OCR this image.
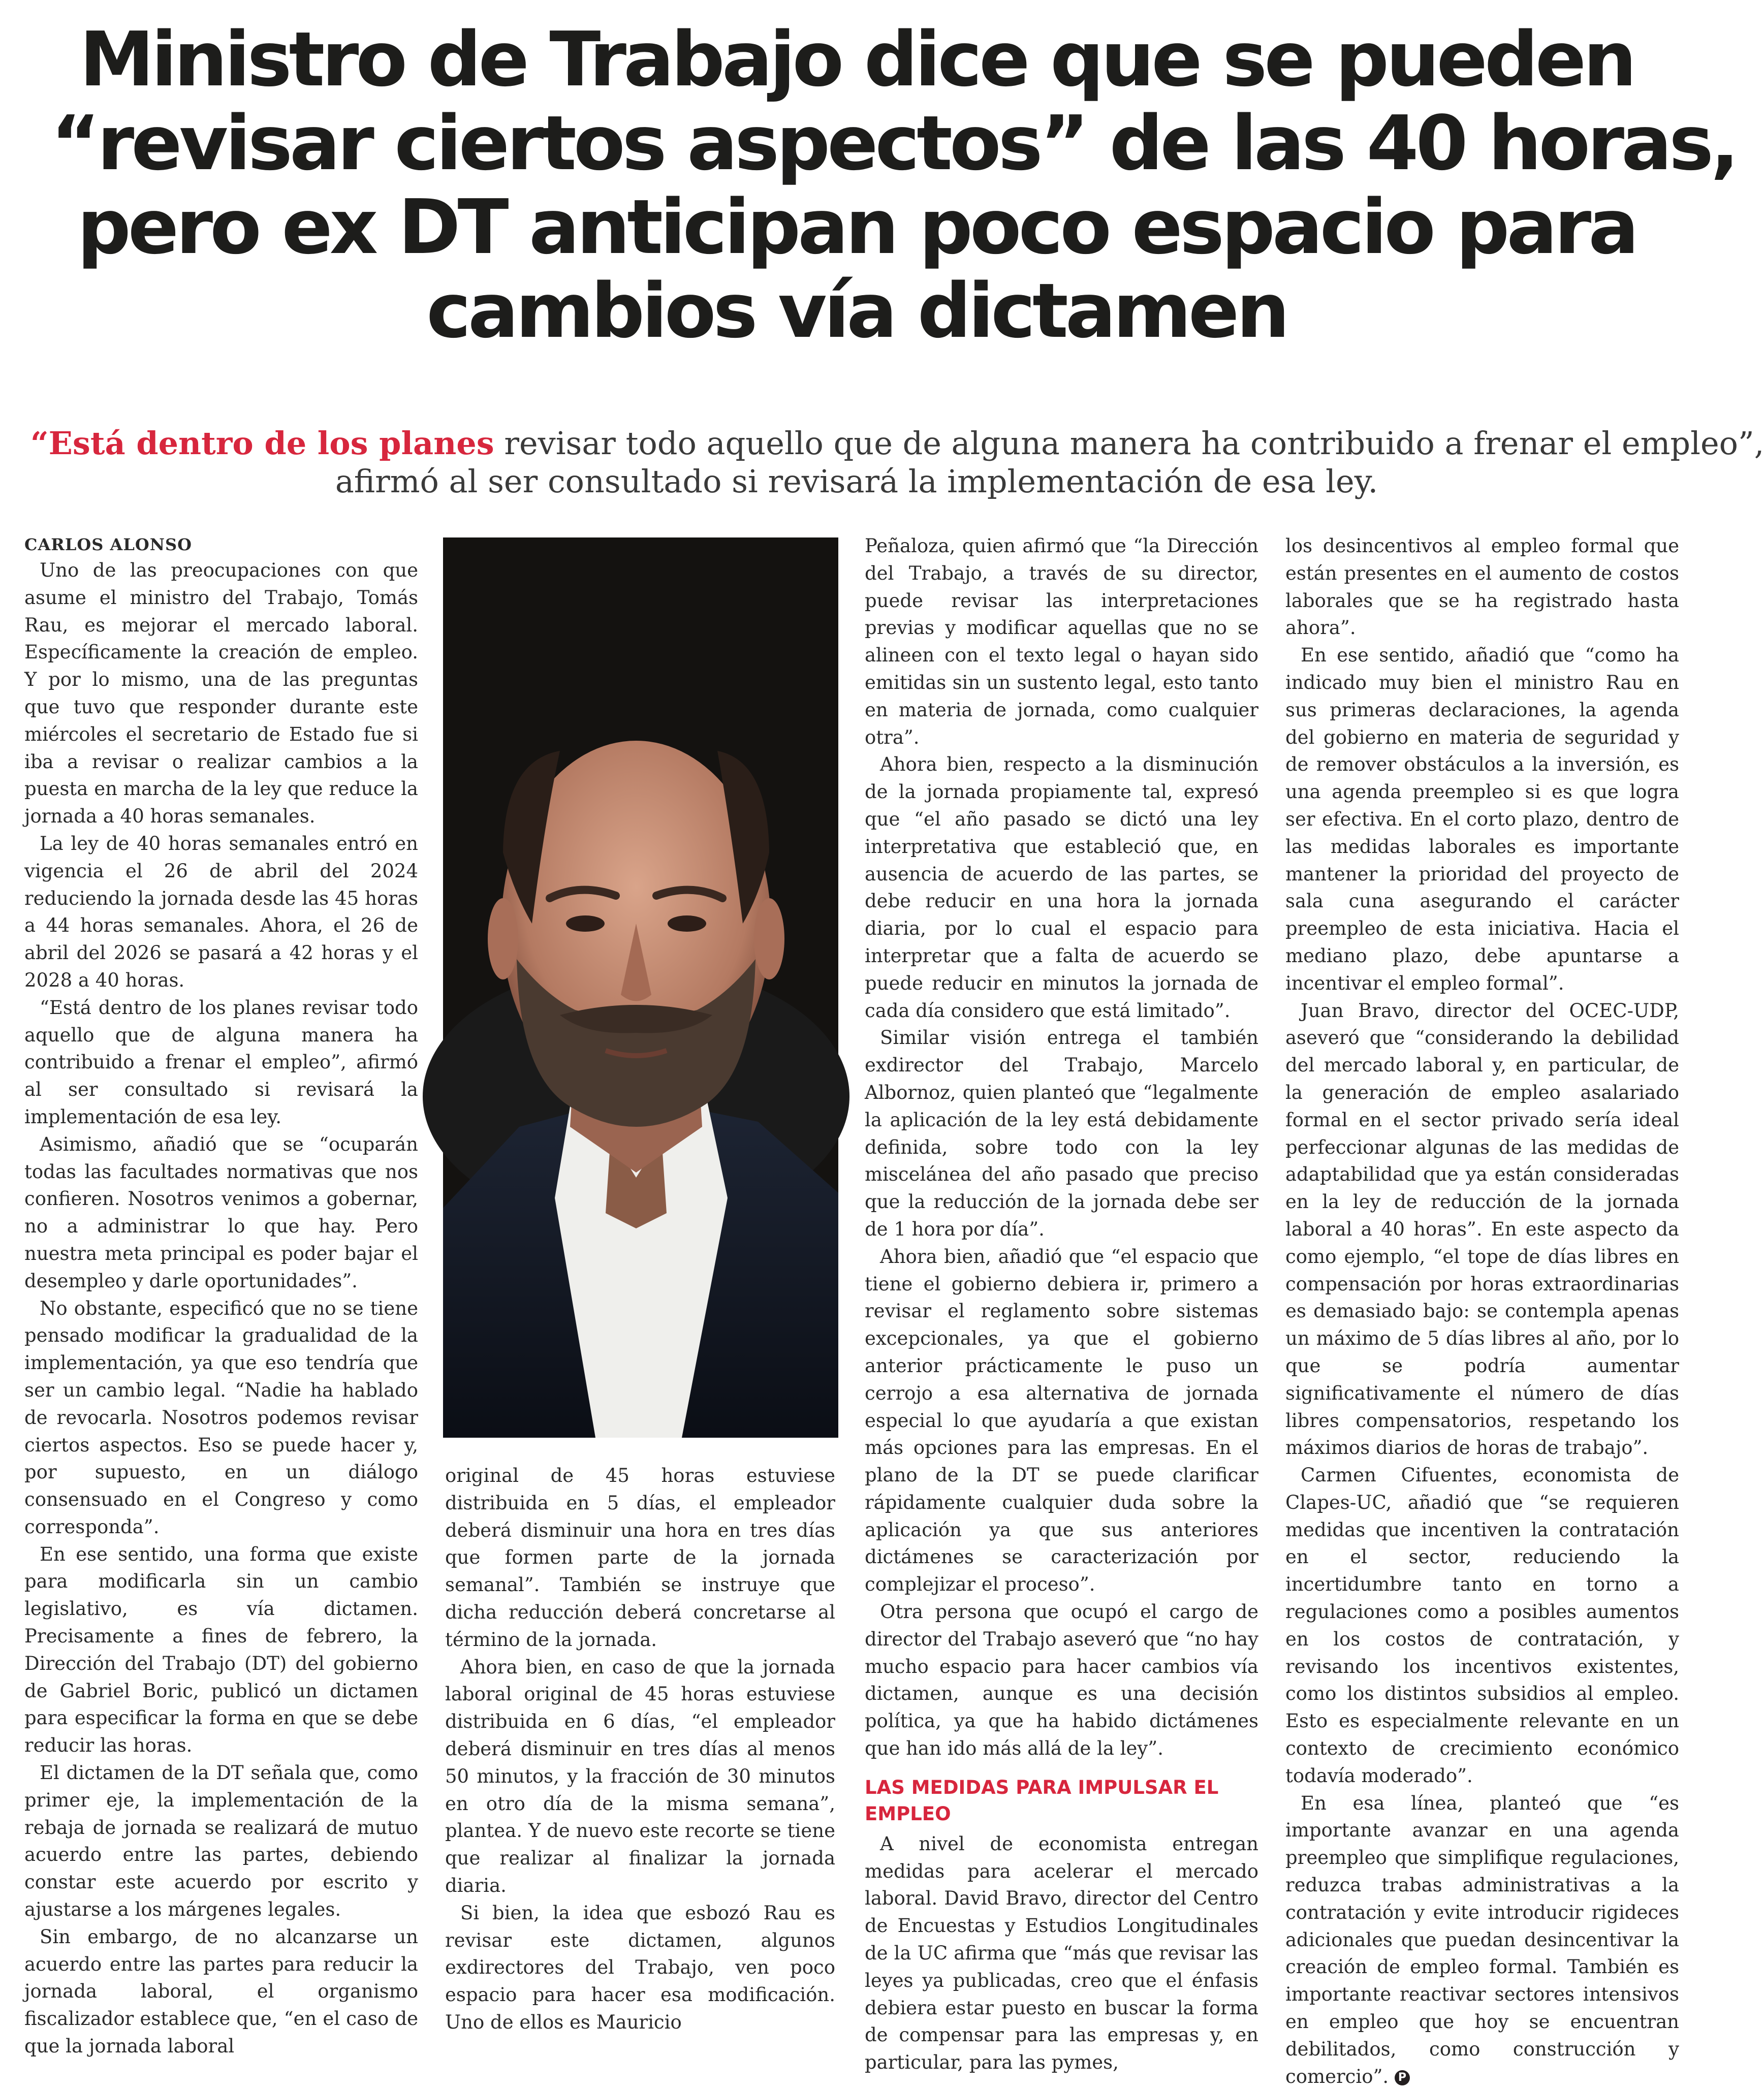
Ministro de Trabajo dice que se pueden
“revisar ciertos aspectos” de las 40 horas,
pero ex DT anticipan poco espacio para
cambios vía dictamen
“Está dentro de los planes revisar todo aquello que de alguna manera ha contribuido a frenar el empleo”,
afirmó al ser consultado si revisará la implementación de esa ley.

CARLOS ALONSO

Uno de las preocupaciones con que asume el ministro del Trabajo, Tomás Rau, es mejorar el mercado laboral. Específicamente la creación de empleo. Y por lo mismo, una de las preguntas que tuvo que responder durante este miércoles el secretario de Estado fue si iba a revisar o realizar cambios a la puesta en marcha de la ley que reduce la jornada a 40 horas semanales.

La ley de 40 horas semanales entró en vigencia el 26 de abril del 2024 reduciendo la jornada desde las 45 horas a 44 horas semanales. Ahora, el 26 de abril del 2026 se pasará a 42 horas y el 2028 a 40 horas.

“Está dentro de los planes revisar todo aquello que de alguna manera ha contribuido a frenar el empleo”, afirmó al ser consultado si revisará la implementación de esa ley.

Asimismo, añadió que se “ocuparán todas las facultades normativas que nos confieren. Nosotros venimos a gobernar, no a administrar lo que hay. Pero nuestra meta principal es poder bajar el desempleo y darle oportunidades”.

No obstante, especificó que no se tiene pensado modificar la gradualidad de la implementación, ya que eso tendría que ser un cambio legal. “Nadie ha hablado de revocarla. Nosotros podemos revisar ciertos aspectos. Eso se puede hacer y, por supuesto, en un diálogo consensuado en el Congreso y como corresponda”.

En ese sentido, una forma que existe para modificarla sin un cambio legislativo, es vía dictamen. Precisamente a fines de febrero, la Dirección del Trabajo (DT) del gobierno de Gabriel Boric, publicó un dictamen para especificar la forma en que se debe reducir las horas.

El dictamen de la DT señala que, como primer eje, la implementación de la rebaja de jornada se realizará de mutuo acuerdo entre las partes, debiendo constar este acuerdo por escrito y ajustarse a los márgenes legales.

Sin embargo, de no alcanzarse un acuerdo entre las partes para reducir la jornada laboral, el organismo fiscalizador establece que, “en el caso de que la jornada laboral

original de 45 horas estuviese distribuida en 5 días, el empleador deberá disminuir una hora en tres días que formen parte de la jornada semanal”. También se instruye que dicha reducción deberá concretarse al término de la jornada.

Ahora bien, en caso de que la jornada laboral original de 45 horas estuviese distribuida en 6 días, “el empleador deberá disminuir en tres días al menos 50 minutos, y la fracción de 30 minutos en otro día de la misma semana”, plantea. Y de nuevo este recorte se tiene que realizar al finalizar la jornada diaria.

Si bien, la idea que esbozó Rau es revisar este dictamen, algunos exdirectores del Trabajo, ven poco espacio para hacer esa modificación. Uno de ellos es Mauricio

Peñaloza, quien afirmó que “la Dirección del Trabajo, a través de su director, puede revisar las interpretaciones previas y modificar aquellas que no se alineen con el texto legal o hayan sido emitidas sin un sustento legal, esto tanto en materia de jornada, como cualquier otra”.

Ahora bien, respecto a la disminución de la jornada propiamente tal, expresó que “el año pasado se dictó una ley interpretativa que estableció que, en ausencia de acuerdo de las partes, se debe reducir en una hora la jornada diaria, por lo cual el espacio para interpretar que a falta de acuerdo se puede reducir en minutos la jornada de cada día considero que está limitado”.

Similar visión entrega el también exdirector del Trabajo, Marcelo Albornoz, quien planteó que “legalmente la aplicación de la ley está debidamente definida, sobre todo con la ley miscelánea del año pasado que preciso que la reducción de la jornada debe ser de 1 hora por día”.

Ahora bien, añadió que “el espacio que tiene el gobierno debiera ir, primero a revisar el reglamento sobre sistemas excepcionales, ya que el gobierno anterior prácticamente le puso un cerrojo a esa alternativa de jornada especial lo que ayudaría a que existan más opciones para las empresas. En el plano de la DT se puede clarificar rápidamente cualquier duda sobre la aplicación ya que sus anteriores dictámenes se caracterización por complejizar el proceso”.

Otra persona que ocupó el cargo de director del Trabajo aseveró que “no hay mucho espacio para hacer cambios vía dictamen, aunque es una decisión política, ya que ha habido dictámenes que han ido más allá de la ley”.

LAS MEDIDAS PARA IMPULSAR EL EMPLEO

A nivel de economista entregan medidas para acelerar el mercado laboral. David Bravo, director del Centro de Encuestas y Estudios Longitudinales de la UC afirma que “más que revisar las leyes ya publicadas, creo que el énfasis debiera estar puesto en buscar la forma de compensar para las empresas y, en particular, para las pymes,

los desincentivos al empleo formal que están presentes en el aumento de costos laborales que se ha registrado hasta ahora”.

En ese sentido, añadió que “como ha indicado muy bien el ministro Rau en sus primeras declaraciones, la agenda del gobierno en materia de seguridad y de remover obstáculos a la inversión, es una agenda preempleo si es que logra ser efectiva. En el corto plazo, dentro de las medidas laborales es importante mantener la prioridad del proyecto de sala cuna asegurando el carácter preempleo de esta iniciativa. Hacia el mediano plazo, debe apuntarse a incentivar el empleo formal”.

Juan Bravo, director del OCEC-UDP, aseveró que “considerando la debilidad del mercado laboral y, en particular, de la generación de empleo asalariado formal en el sector privado sería ideal perfeccionar algunas de las medidas de adaptabilidad que ya están consideradas en la ley de reducción de la jornada laboral a 40 horas”. En este aspecto da como ejemplo, “el tope de días libres en compensación por horas extraordinarias es demasiado bajo: se contempla apenas un máximo de 5 días libres al año, por lo que se podría aumentar significativamente el número de días libres compensatorios, respetando los máximos diarios de horas de trabajo”.

Carmen Cifuentes, economista de Clapes-UC, añadió que “se requieren medidas que incentiven la contratación en el sector, reduciendo la incertidumbre tanto en torno a regulaciones como a posibles aumentos en los costos de contratación, y revisando los incentivos existentes, como los distintos subsidios al empleo. Esto es especialmente relevante en un contexto de crecimiento económico todavía moderado”.

En esa línea, planteó que “es importante avanzar en una agenda preempleo que simplifique regulaciones, reduzca trabas administrativas a la contratación y evite introducir rigideces adicionales que puedan desincentivar la creación de empleo formal. También es importante reactivar sectores intensivos en empleo que hoy se encuentran debilitados, como construcción y comercio”. P
